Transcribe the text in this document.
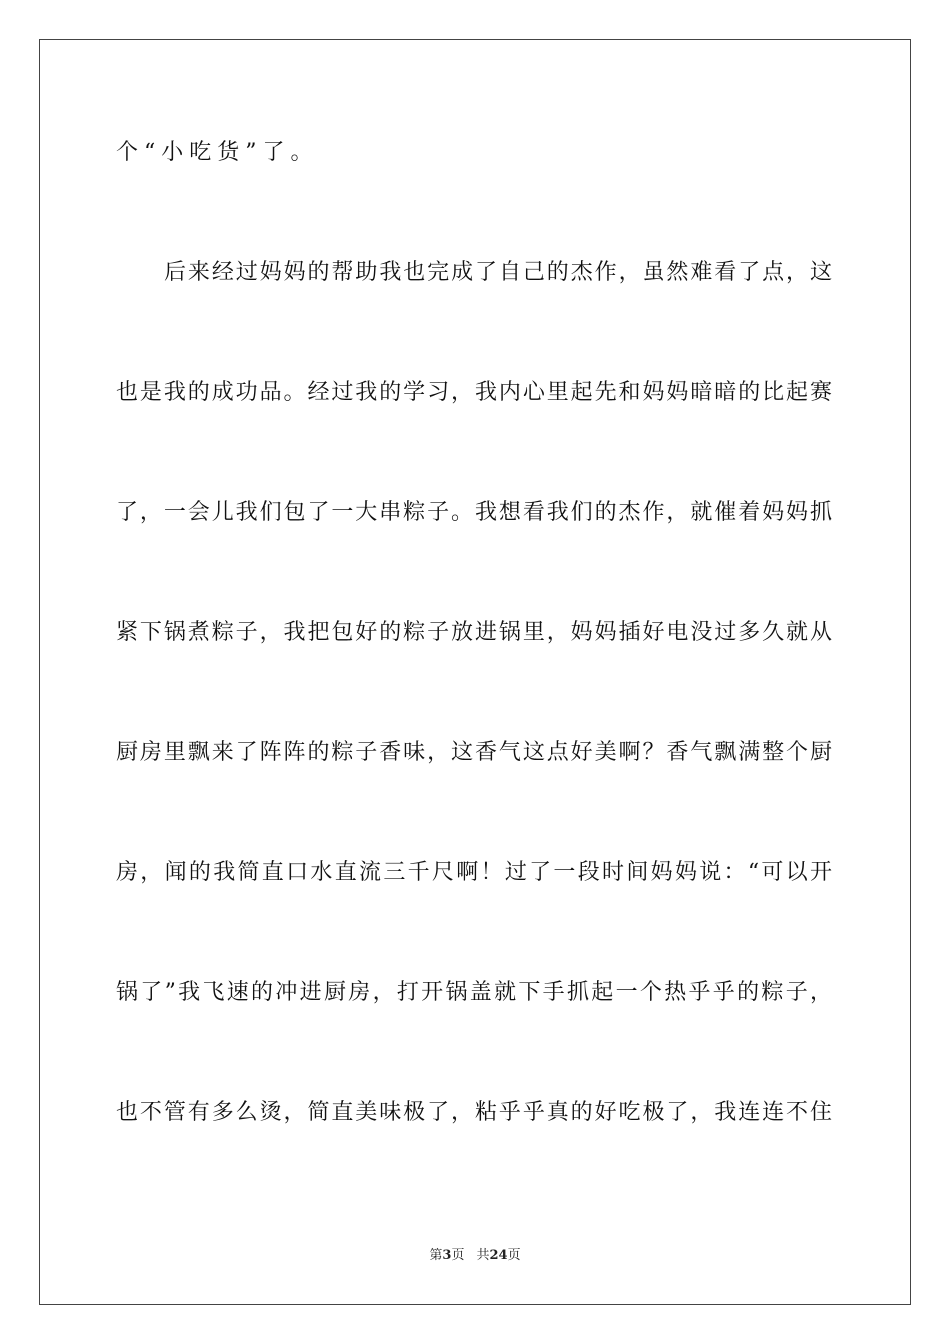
个“小吃货”了。
后来经过妈妈的帮助我也完成了自己的杰作，虽然难看了点，这
也是我的成功品。经过我的学习，我内心里起先和妈妈暗暗的比起赛
了，一会儿我们包了一大串粽子。我想看我们的杰作，就催着妈妈抓
紧下锅煮粽子，我把包好的粽子放进锅里，妈妈插好电没过多久就从
厨房里飘来了阵阵的粽子香味，这香气这点好美啊？香气飘满整个厨
房，闻的我简直口水直流三千尺啊！过了一段时间妈妈说：“可以开
锅了”我飞速的冲进厨房，打开锅盖就下手抓起一个热乎乎的粽子，
也不管有多么烫，简直美味极了，粘乎乎真的好吃极了，我连连不住
第3页 共24页
